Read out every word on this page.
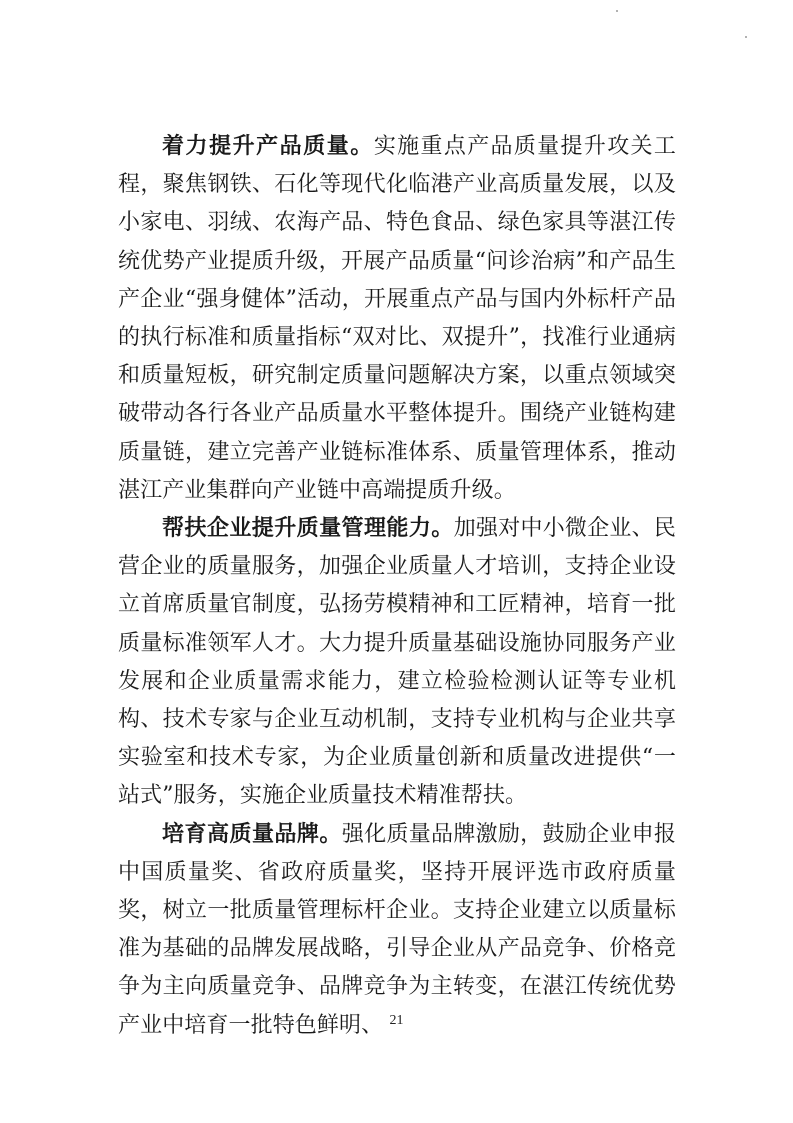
着力提升产品质量。实施重点产品质量提升攻关工程，聚焦钢铁、石化等现代化临港产业高质量发展，以及小家电、羽绒、农海产品、特色食品、绿色家具等湛江传统优势产业提质升级，开展产品质量“问诊治病”和产品生产企业“强身健体”活动，开展重点产品与国内外标杆产品的执行标准和质量指标“双对比、双提升”，找准行业通病和质量短板，研究制定质量问题解决方案，以重点领域突破带动各行各业产品质量水平整体提升。围绕产业链构建质量链，建立完善产业链标准体系、质量管理体系，推动湛江产业集群向产业链中高端提质升级。

帮扶企业提升质量管理能力。加强对中小微企业、民营企业的质量服务，加强企业质量人才培训，支持企业设立首席质量官制度，弘扬劳模精神和工匠精神，培育一批质量标准领军人才。大力提升质量基础设施协同服务产业发展和企业质量需求能力，建立检验检测认证等专业机构、技术专家与企业互动机制，支持专业机构与企业共享实验室和技术专家，为企业质量创新和质量改进提供“一站式”服务，实施企业质量技术精准帮扶。

培育高质量品牌。强化质量品牌激励，鼓励企业申报中国质量奖、省政府质量奖，坚持开展评选市政府质量奖，树立一批质量管理标杆企业。支持企业建立以质量标准为基础的品牌发展战略，引导企业从产品竞争、价格竞争为主向质量竞争、品牌竞争为主转变，在湛江传统优势产业中培育一批特色鲜明、 21
